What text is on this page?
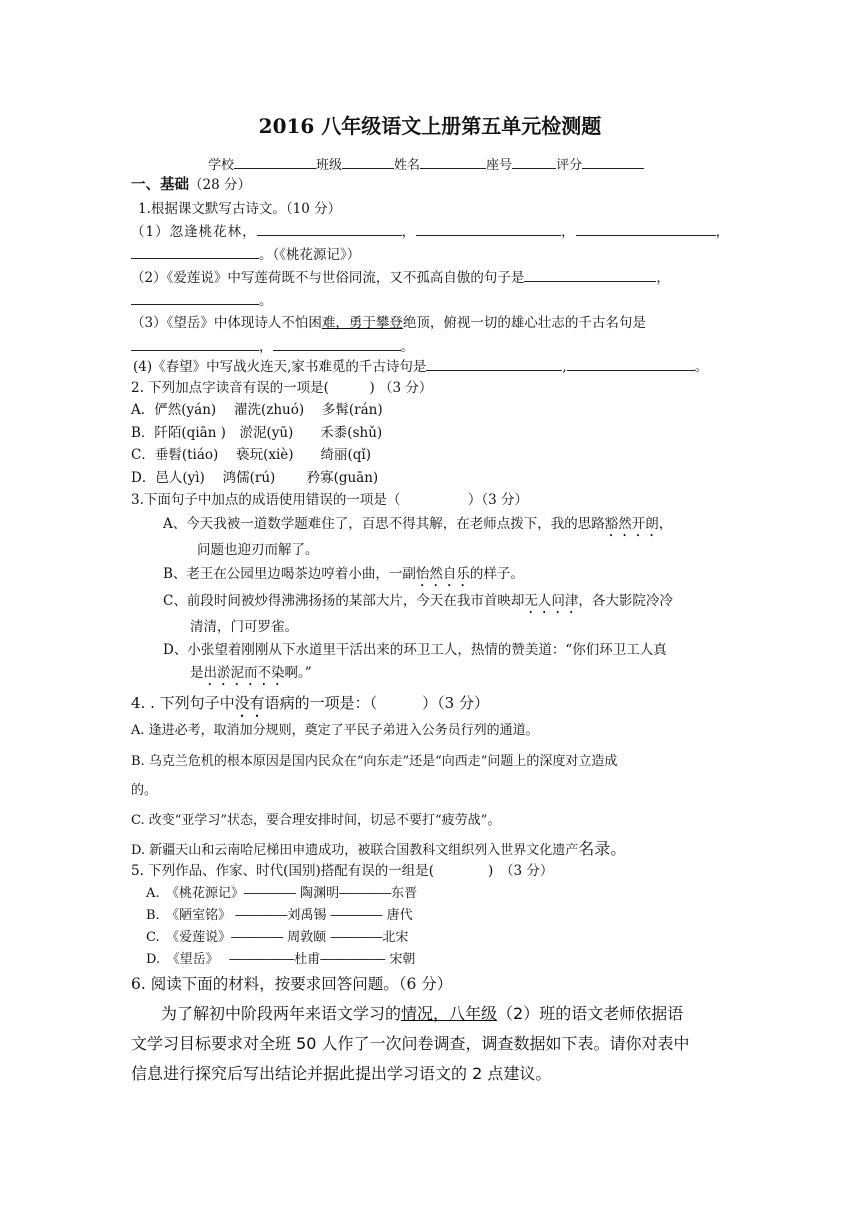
2016 八年级语文上册第五单元检测题
学校	班级	姓名	座号	评分
一、基础（28 分）
1.根据课文默写古诗文。（10 分）
（1）忽逢桃花林，	，	，	，
。（《桃花源记》）
（2）《爱莲说》中写莲荷既不与世俗同流，又不孤高自傲的句子是	，
。
（3）《望岳》中体现诗人不怕困难，勇于攀登绝顶，俯视一切的雄心壮志的千古名句是
，	。
(4)《春望》中写战火连天,家书难觅的千古诗句是	,	。
2. 下列加点字读音有误的一项是(　　　) （3 分）
A．俨然(yán)　 濯洗(zhuó)　 多髯(rán)
B．阡陌(qiān )　淤泥(yū)　　禾黍(shǔ)
C．垂髫(tiáo)　 亵玩(xiè)　　绮丽(qǐ)
D．邑人(yì)　 鸿儒(rú)　　 矜寡(guān)
3.下面句子中加点的成语使用错误的一项是（　　　　　）（3 分）
A、今天我被一道数学题难住了，百思不得其解，在老师点拨下，我的思路豁然开朗，
问题也迎刃而解了。
B、老王在公园里边喝茶边哼着小曲，一副怡然自乐的样子。
C、前段时间被炒得沸沸扬扬的某部大片，今天在我市首映却无人问津，各大影院冷冷
清清，门可罗雀。
D、小张望着刚刚从下水道里干活出来的环卫工人，热情的赞美道：“你们环卫工人真
是出淤泥而不染啊。”
4. . 下列句子中没有语病的一项是：（　　　）（3 分）
A. 逢进必考，取消加分规则，奠定了平民子弟进入公务员行列的通道。
B. 乌克兰危机的根本原因是国内民众在“向东走”还是“向西走”问题上的深度对立造成
的。
C. 改变“亚学习”状态，要合理安排时间，切忌不要打“疲劳战”。
D. 新疆天山和云南哈尼梯田申遗成功，被联合国教科文组织列入世界文化遗产名录。
5. 下列作品、作家、时代(国别)搭配有误的一组是(　　　　)　（3 分）
A.　《桃花源记》―――― 陶渊明――――东晋
B.　《陋室铭》 ――――刘禹锡 ―――― 唐代
C.　《爱莲说》―――― 周敦颐 ――――北宋
D.　《望岳》　 ―――――杜甫――――― 宋朝
6. 阅读下面的材料，按要求回答问题。（6 分）
为了解初中阶段两年来语文学习的情况，八年级（2）班的语文老师依据语
文学习目标要求对全班 50 人作了一次问卷调查，调查数据如下表。请你对表中
信息进行探究后写出结论并据此提出学习语文的 2 点建议。
